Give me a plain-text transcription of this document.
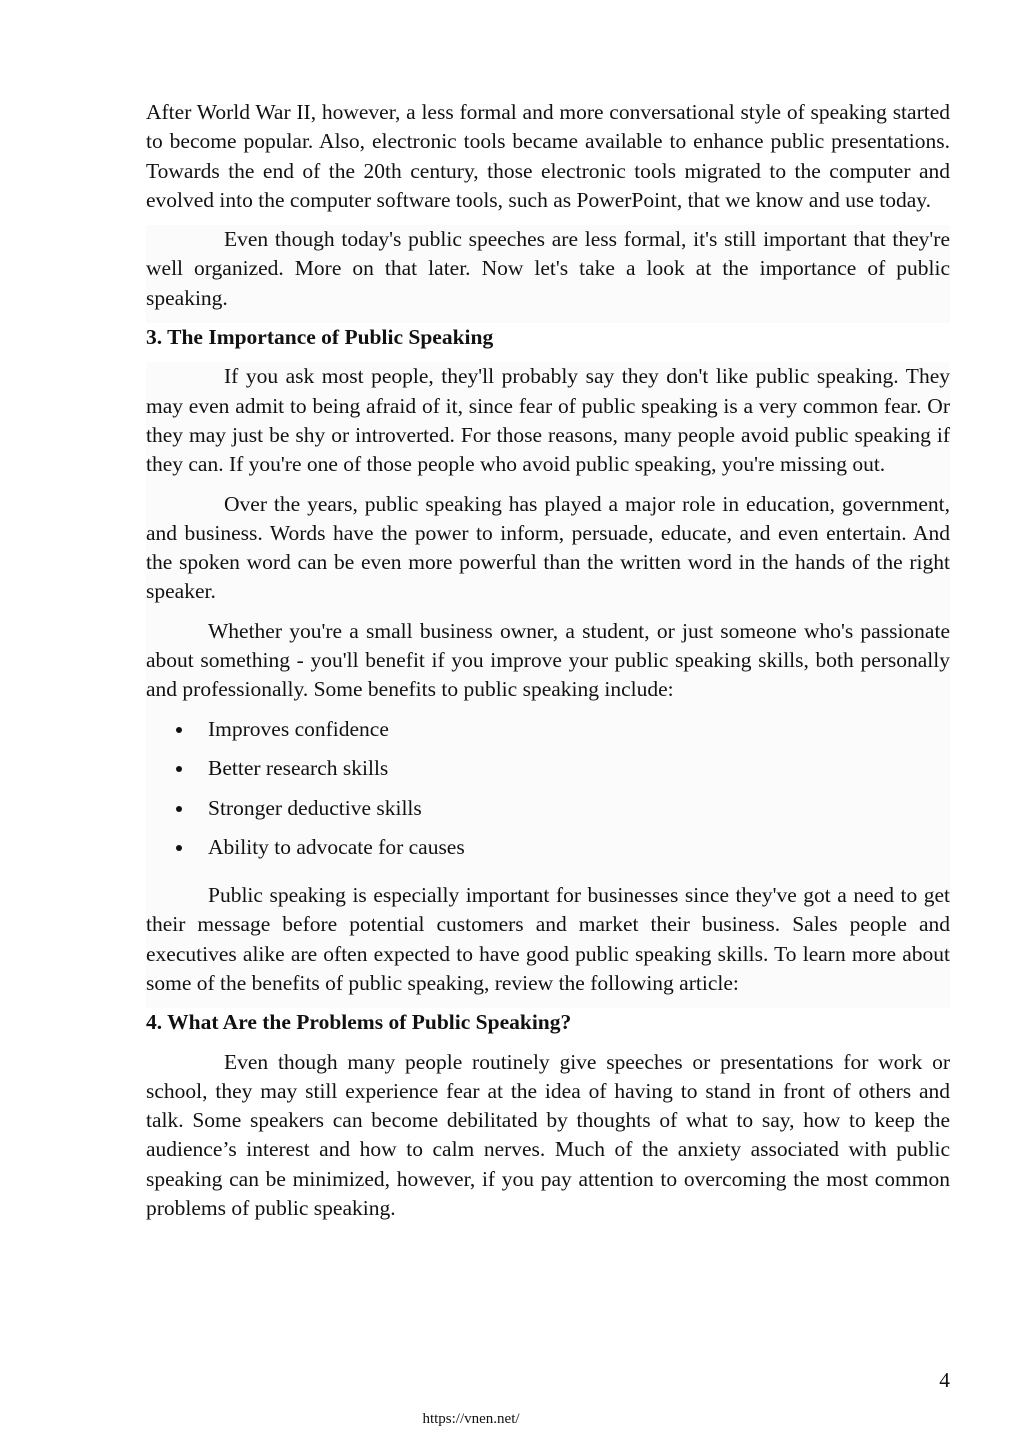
After World War II, however, a less formal and more conversational style of speaking started to become popular. Also, electronic tools became available to enhance public presentations. Towards the end of the 20th century, those electronic tools migrated to the computer and evolved into the computer software tools, such as PowerPoint, that we know and use today.

Even though today's public speeches are less formal, it's still important that they're well organized. More on that later. Now let's take a look at the importance of public speaking.

3. The Importance of Public Speaking

If you ask most people, they'll probably say they don't like public speaking. They may even admit to being afraid of it, since fear of public speaking is a very common fear. Or they may just be shy or introverted. For those reasons, many people avoid public speaking if they can. If you're one of those people who avoid public speaking, you're missing out.

Over the years, public speaking has played a major role in education, government, and business. Words have the power to inform, persuade, educate, and even entertain. And the spoken word can be even more powerful than the written word in the hands of the right speaker.

Whether you're a small business owner, a student, or just someone who's passionate about something - you'll benefit if you improve your public speaking skills, both personally and professionally. Some benefits to public speaking include:

Improves confidence
Better research skills
Stronger deductive skills
Ability to advocate for causes

Public speaking is especially important for businesses since they've got a need to get their message before potential customers and market their business. Sales people and executives alike are often expected to have good public speaking skills. To learn more about some of the benefits of public speaking, review the following article:

4. What Are the Problems of Public Speaking?

Even though many people routinely give speeches or presentations for work or school, they may still experience fear at the idea of having to stand in front of others and talk. Some speakers can become debilitated by thoughts of what to say, how to keep the audience’s interest and how to calm nerves. Much of the anxiety associated with public speaking can be minimized, however, if you pay attention to overcoming the most common problems of public speaking.

4
https://vnen.net/
